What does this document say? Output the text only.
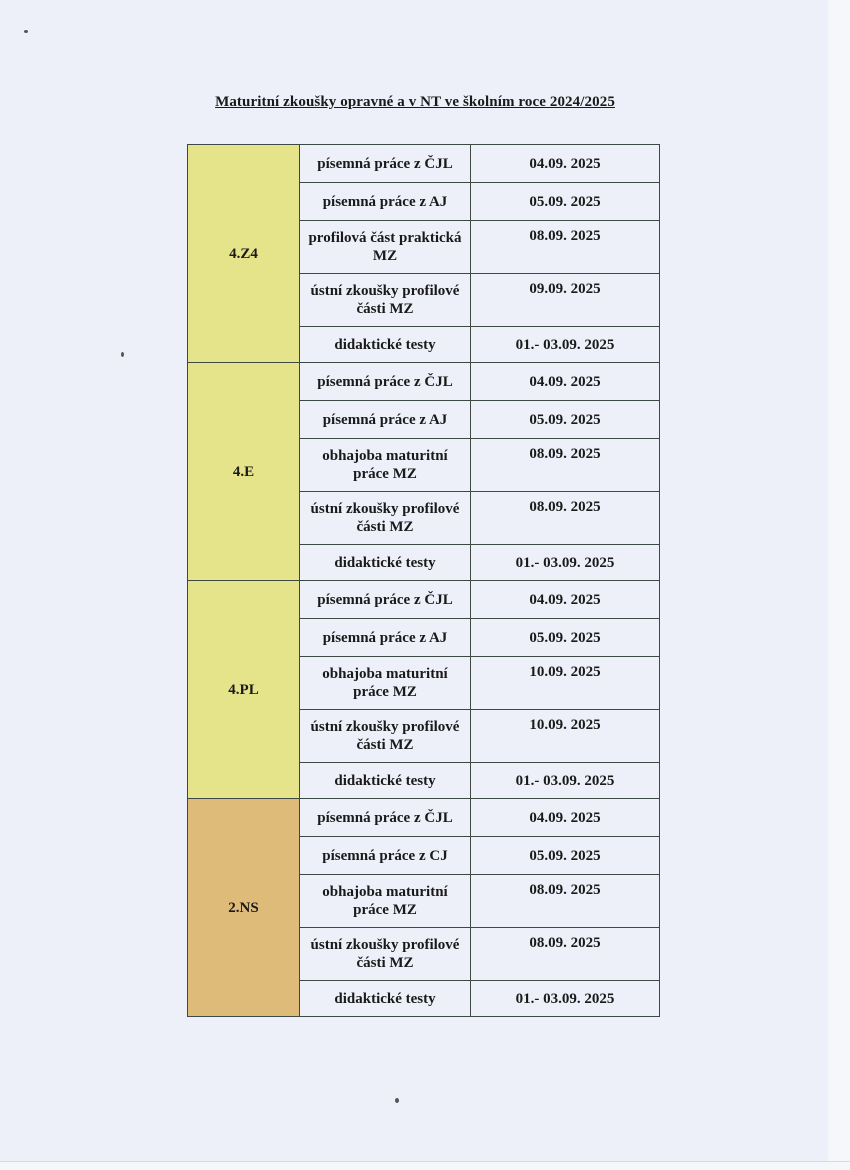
Maturitní zkoušky opravné a v NT ve školním roce 2024/2025
4.Z4	písemná práce z ČJL	04.09. 2025
	písemná práce z AJ	05.09. 2025
	profilová část praktická MZ	08.09. 2025
	ústní zkoušky profilové části MZ	09.09. 2025
	didaktické testy	01.- 03.09. 2025
4.E	písemná práce z ČJL	04.09. 2025
	písemná práce z AJ	05.09. 2025
	obhajoba maturitní práce MZ	08.09. 2025
	ústní zkoušky profilové části MZ	08.09. 2025
	didaktické testy	01.- 03.09. 2025
4.PL	písemná práce z ČJL	04.09. 2025
	písemná práce z AJ	05.09. 2025
	obhajoba maturitní práce MZ	10.09. 2025
	ústní zkoušky profilové části MZ	10.09. 2025
	didaktické testy	01.- 03.09. 2025
2.NS	písemná práce z ČJL	04.09. 2025
	písemná práce z CJ	05.09. 2025
	obhajoba maturitní práce MZ	08.09. 2025
	ústní zkoušky profilové části MZ	08.09. 2025
	didaktické testy	01.- 03.09. 2025
